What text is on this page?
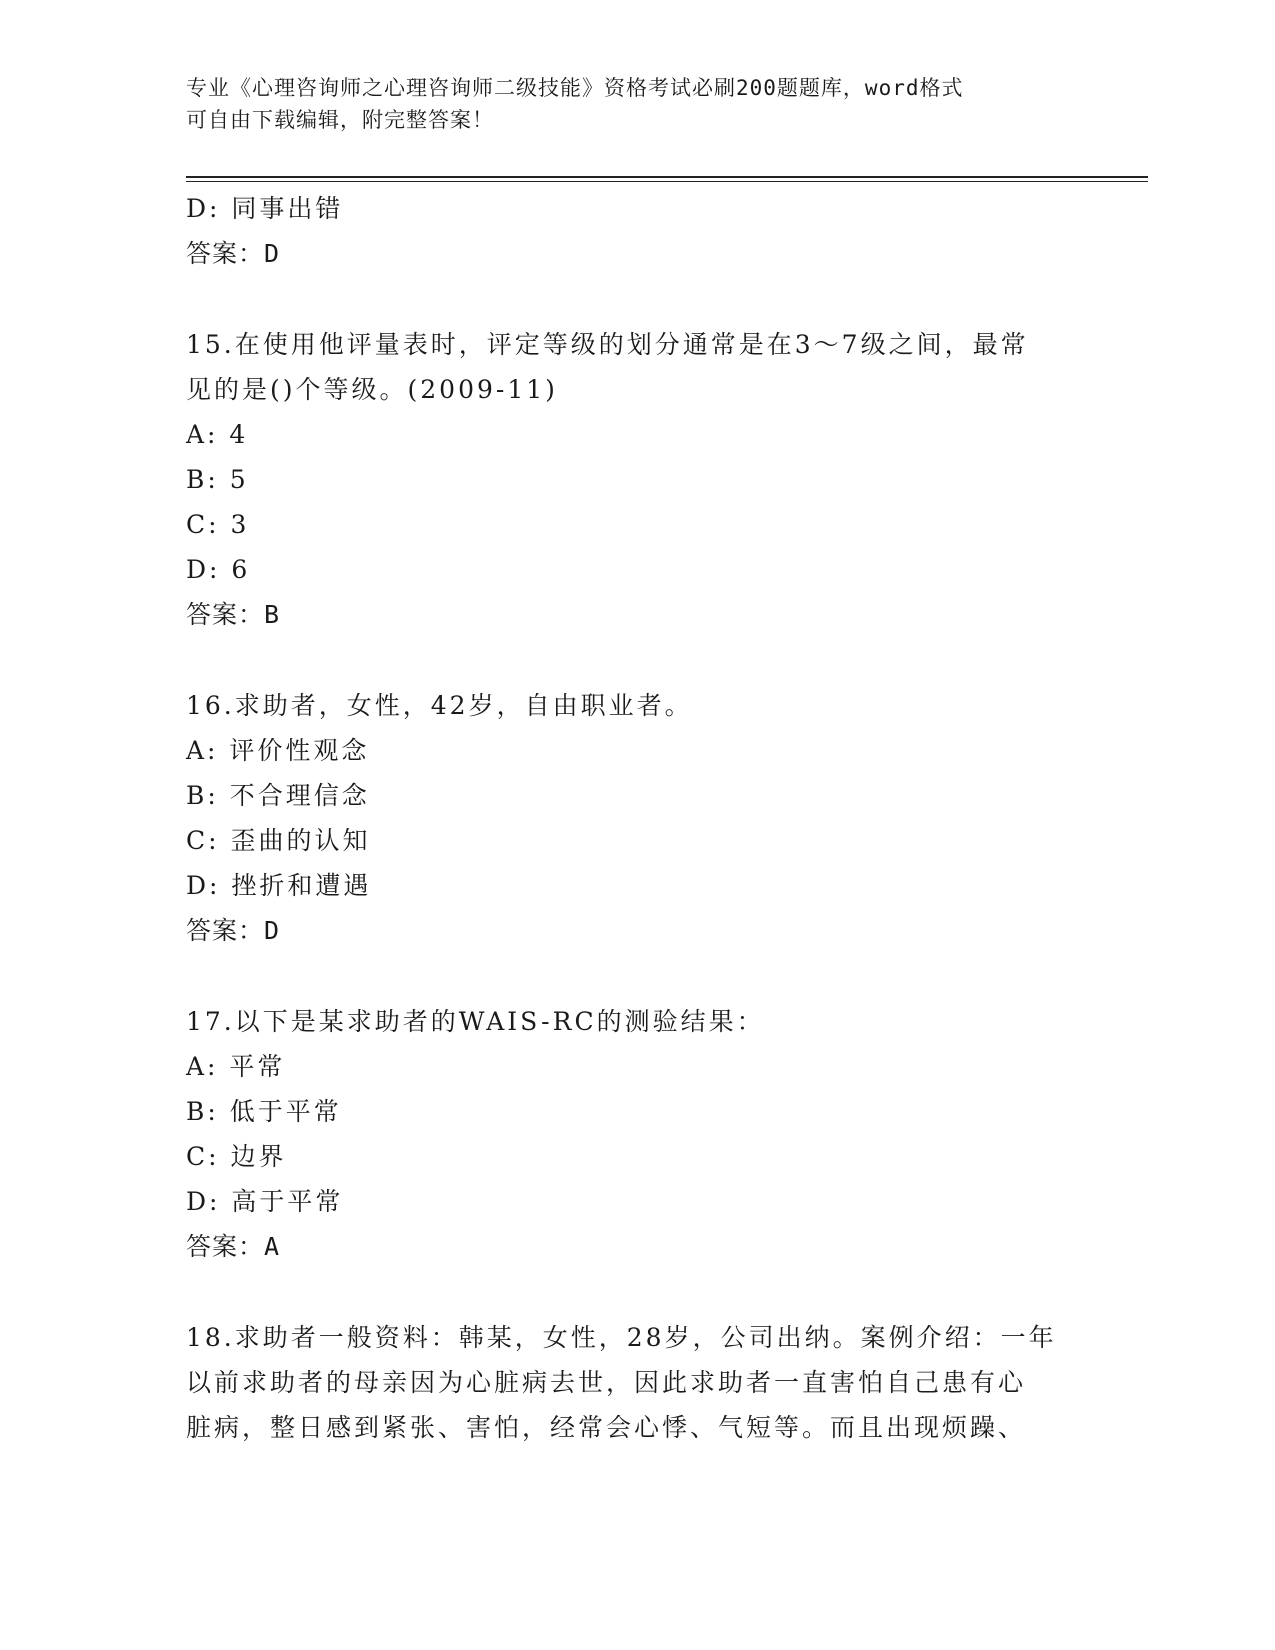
专业《心理咨询师之心理咨询师二级技能》资格考试必刷200题题库，word格式
可自由下载编辑，附完整答案！
D: 同事出错
答案：D
15.在使用他评量表时，评定等级的划分通常是在3～7级之间，最常
见的是()个等级。(2009-11)
A: 4
B: 5
C: 3
D: 6
答案：B
16.求助者，女性，42岁，自由职业者。
A: 评价性观念
B: 不合理信念
C: 歪曲的认知
D: 挫折和遭遇
答案：D
17.以下是某求助者的WAIS-RC的测验结果：
A: 平常
B: 低于平常
C: 边界
D: 高于平常
答案：A
18.求助者一般资料：韩某，女性，28岁，公司出纳。案例介绍：一年
以前求助者的母亲因为心脏病去世，因此求助者一直害怕自己患有心
脏病，整日感到紧张、害怕，经常会心悸、气短等。而且出现烦躁、
